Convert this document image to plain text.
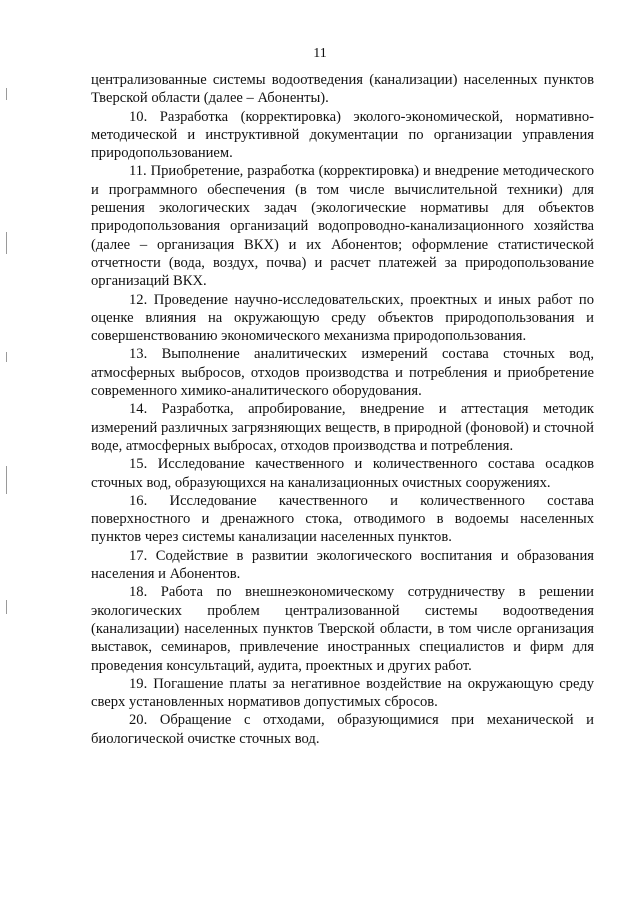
11

централизованные системы водоотведения (канализации) населенных пунктов Тверской области (далее – Абоненты).

10. Разработка (корректировка) эколого-экономической, нормативно-методической и инструктивной документации по организации управления природопользованием.

11. Приобретение, разработка (корректировка) и внедрение методического и программного обеспечения (в том числе вычислительной техники) для решения экологических задач (экологические нормативы для объектов природопользования организаций водопроводно-канализационного хозяйства (далее – организация ВКХ) и их Абонентов; оформление статистической отчетности (вода, воздух, почва) и расчет платежей за природопользование организаций ВКХ.

12. Проведение научно-исследовательских, проектных и иных работ по оценке влияния на окружающую среду объектов природопользования и совершенствованию экономического механизма природопользования.

13. Выполнение аналитических измерений состава сточных вод, атмосферных выбросов, отходов производства и потребления и приобретение современного химико-аналитического оборудования.

14. Разработка, апробирование, внедрение и аттестация методик измерений различных загрязняющих веществ, в природной (фоновой) и сточной воде, атмосферных выбросах, отходов производства и потребления.

15. Исследование качественного и количественного состава осадков сточных вод, образующихся на канализационных очистных сооружениях.

16. Исследование качественного и количественного состава поверхностного и дренажного стока, отводимого в водоемы населенных пунктов через системы канализации населенных пунктов.

17. Содействие в развитии экологического воспитания и образования населения и Абонентов.

18. Работа по внешнеэкономическому сотрудничеству в решении экологических проблем централизованной системы водоотведения (канализации) населенных пунктов Тверской области, в том числе организация выставок, семинаров, привлечение иностранных специалистов и фирм для проведения консультаций, аудита, проектных и других работ.

19. Погашение платы за негативное воздействие на окружающую среду сверх установленных нормативов допустимых сбросов.

20. Обращение с отходами, образующимися при механической и биологической очистке сточных вод.
